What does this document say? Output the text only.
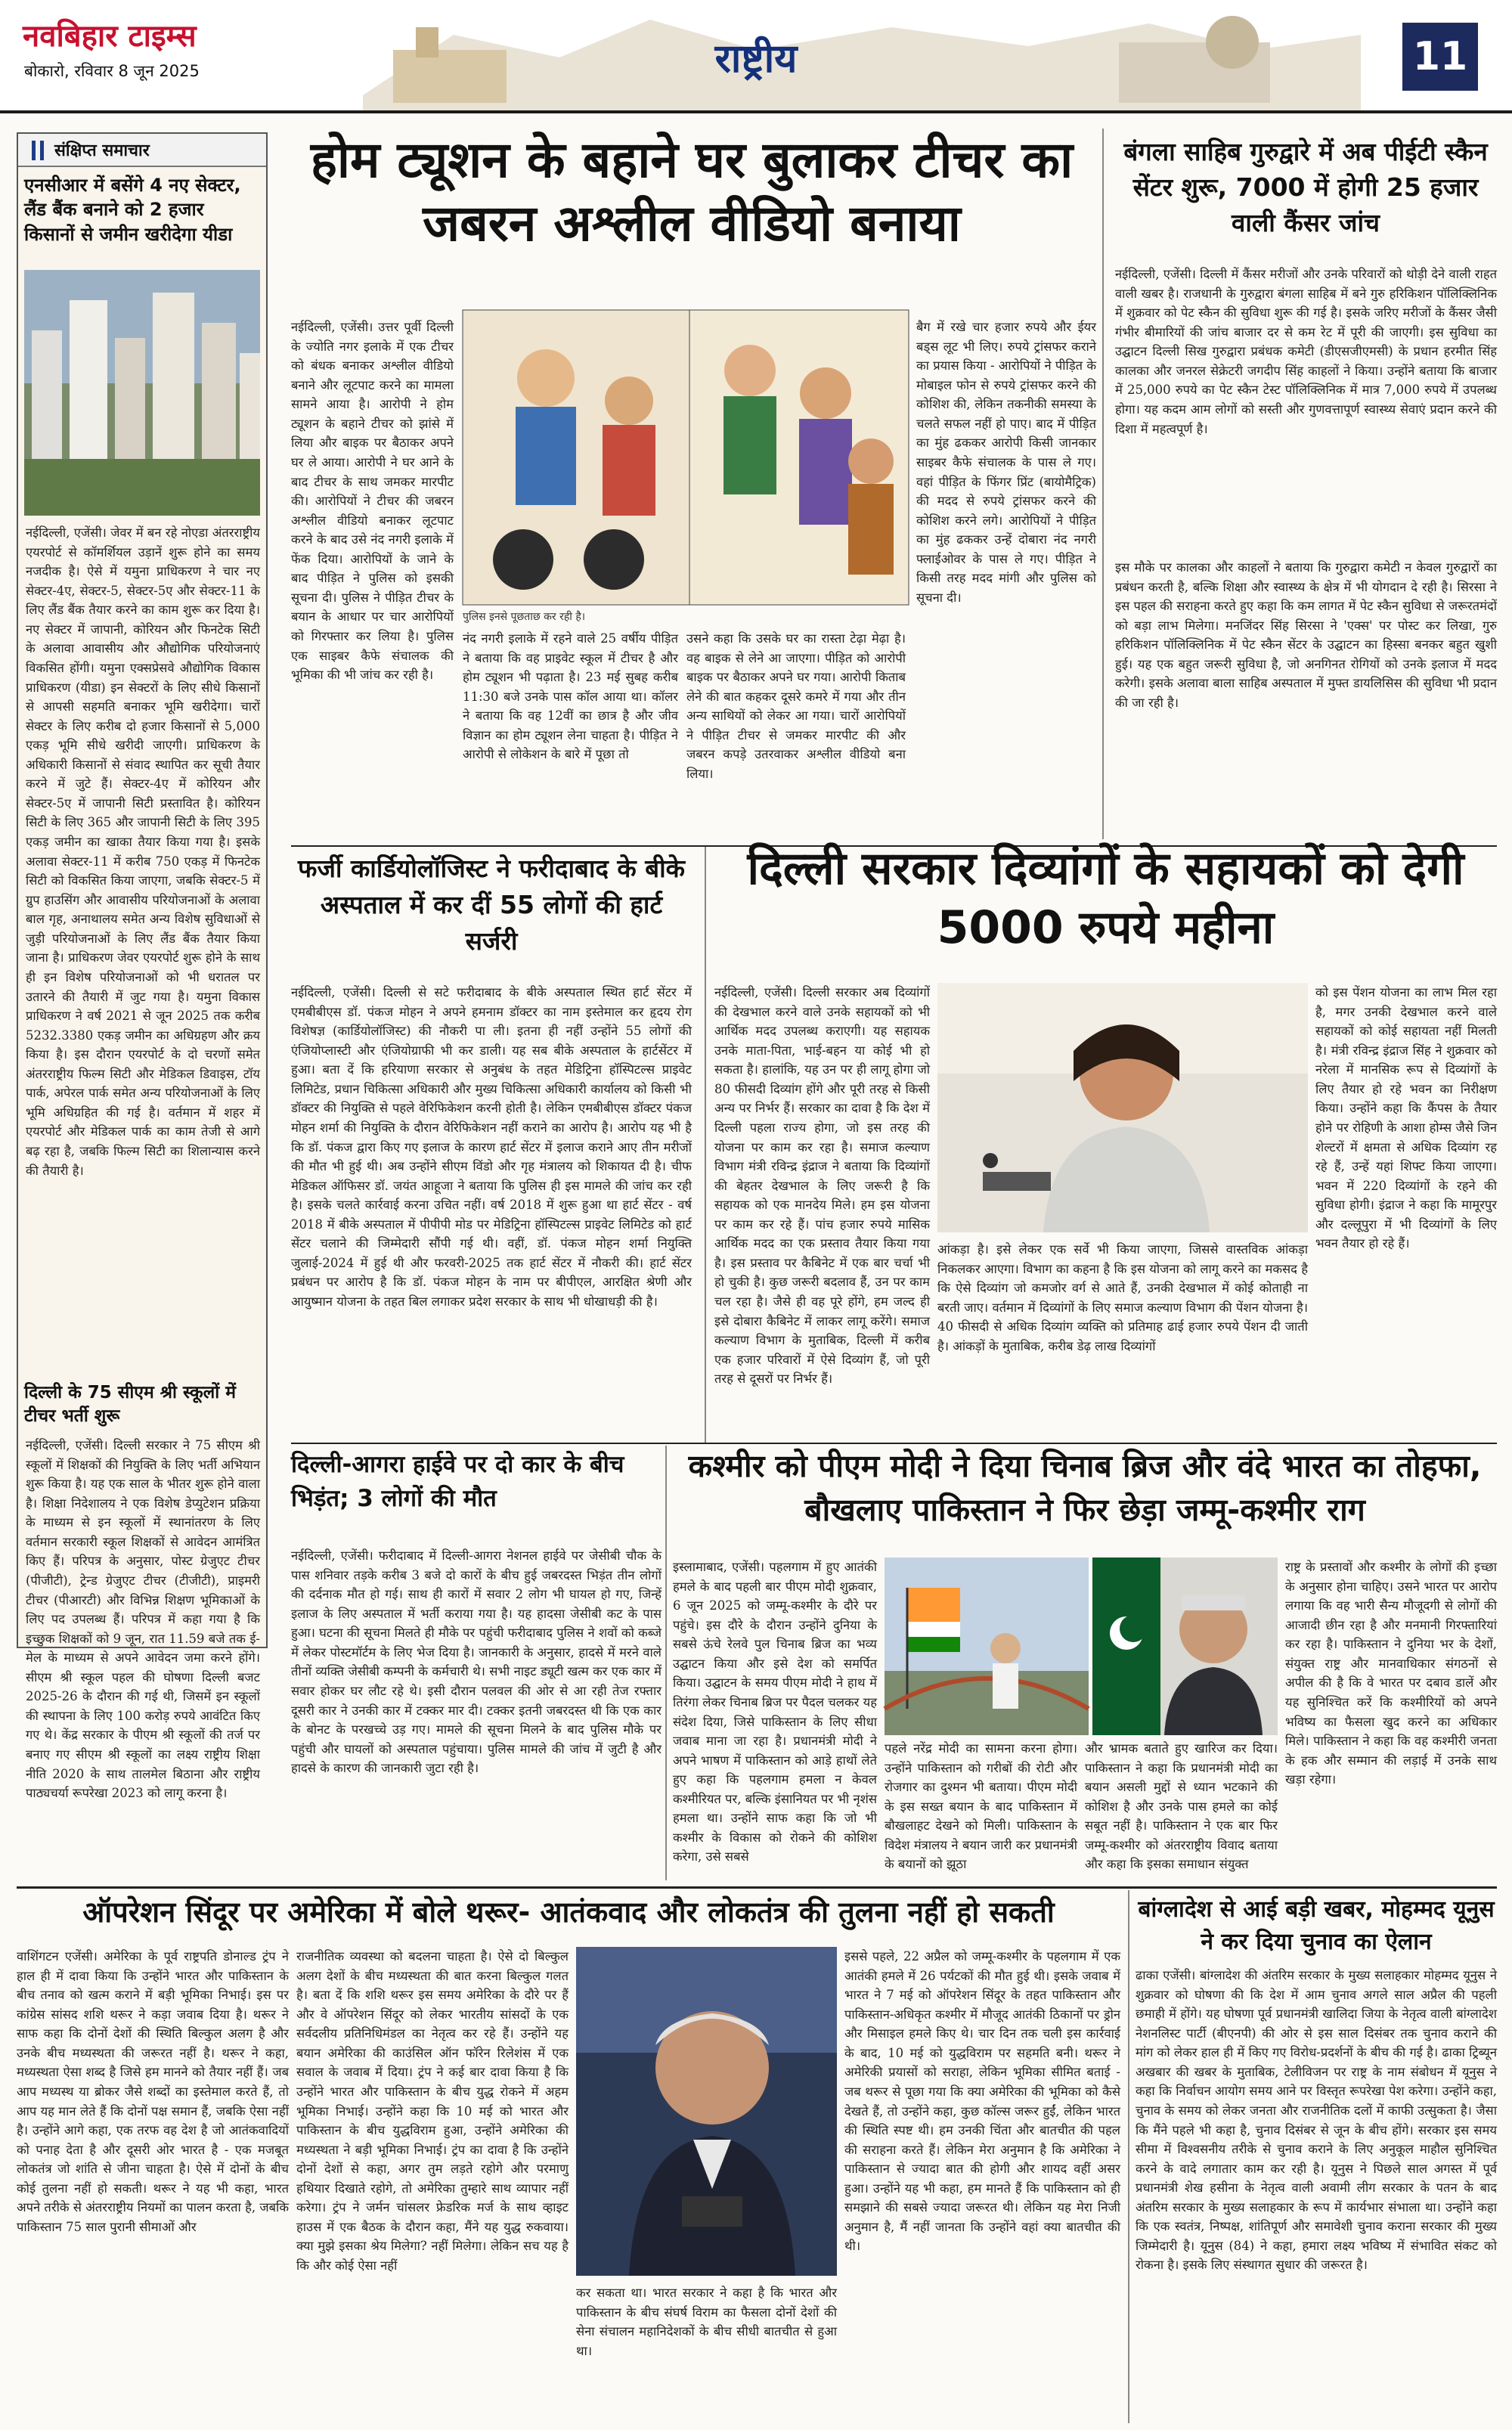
नवबिहार टाइम्स
बोकारो, रविवार 8 जून 2025	राष्ट्रीय	11
संक्षिप्त समाचार
एनसीआर में बसेंगे 4 नए सेक्टर, लैंड बैंक बनाने को 2 हजार किसानों से जमीन खरीदेगा यीडा
नईदिल्ली, एजेंसी। जेवर में बन रहे नोएडा अंतरराष्ट्रीय एयरपोर्ट से कॉमर्शियल उड़ानें शुरू होने का समय नजदीक है। ऐसे में यमुना प्राधिकरण ने चार नए सेक्टर-4ए, सेक्टर-5, सेक्टर-5ए और सेक्टर-11 के लिए लैंड बैंक तैयार करने का काम शुरू कर दिया है। नए सेक्टर में जापानी, कोरियन और फिनटेक सिटी के अलावा आवासीय और औद्योगिक परियोजनाएं विकसित होंगी। यमुना एक्सप्रेसवे औद्योगिक विकास प्राधिकरण (यीडा) इन सेक्टरों के लिए सीधे किसानों से आपसी सहमति बनाकर भूमि खरीदेगा। चारों सेक्टर के लिए करीब दो हजार किसानों से 5,000 एकड़ भूमि सीधे खरीदी जाएगी। प्राधिकरण के अधिकारी किसानों से संवाद स्थापित कर सूची तैयार करने में जुटे हैं। सेक्टर-4ए में कोरियन और सेक्टर-5ए में जापानी सिटी प्रस्तावित है। कोरियन सिटी के लिए 365 और जापानी सिटी के लिए 395 एकड़ जमीन का खाका तैयार किया गया है। इसके अलावा सेक्टर-11 में करीब 750 एकड़ में फिनटेक सिटी को विकसित किया जाएगा, जबकि सेक्टर-5 में ग्रुप हाउसिंग और आवासीय परियोजनाओं के अलावा बाल गृह, अनाथालय समेत अन्य विशेष सुविधाओं से जुड़ी परियोजनाओं के लिए लैंड बैंक तैयार किया जाना है। प्राधिकरण जेवर एयरपोर्ट शुरू होने के साथ ही इन विशेष परियोजनाओं को भी धरातल पर उतारने की तैयारी में जुट गया है। यमुना विकास प्राधिकरण ने वर्ष 2021 से जून 2025 तक करीब 5232.3380 एकड़ जमीन का अधिग्रहण और क्रय किया है। इस दौरान एयरपोर्ट के दो चरणों समेत अंतरराष्ट्रीय फिल्म सिटी और मेडिकल डिवाइस, टॉय पार्क, अपेरल पार्क समेत अन्य परियोजनाओं के लिए भूमि अधिग्रहित की गई है। वर्तमान में शहर में एयरपोर्ट और मेडिकल पार्क का काम तेजी से आगे बढ़ रहा है, जबकि फिल्म सिटी का शिलान्यास करने की तैयारी है।
दिल्ली के 75 सीएम श्री स्कूलों में टीचर भर्ती शुरू
नईदिल्ली, एजेंसी। दिल्ली सरकार ने 75 सीएम श्री स्कूलों में शिक्षकों की नियुक्ति के लिए भर्ती अभियान शुरू किया है। यह एक साल के भीतर शुरू होने वाला है। शिक्षा निदेशालय ने एक विशेष डेप्युटेशन प्रक्रिया के माध्यम से इन स्कूलों में स्थानांतरण के लिए वर्तमान सरकारी स्कूल शिक्षकों से आवेदन आमंत्रित किए हैं। परिपत्र के अनुसार, पोस्ट ग्रेजुएट टीचर (पीजीटी), ट्रेन्ड ग्रेजुएट टीचर (टीजीटी), प्राइमरी टीचर (पीआरटी) और विभिन्न शिक्षण भूमिकाओं के लिए पद उपलब्ध हैं। परिपत्र में कहा गया है कि इच्छुक शिक्षकों को 9 जून, रात 11.59 बजे तक ई-मेल के माध्यम से अपने आवेदन जमा करने होंगे। सीएम श्री स्कूल पहल की घोषणा दिल्ली बजट 2025-26 के दौरान की गई थी, जिसमें इन स्कूलों की स्थापना के लिए 100 करोड़ रुपये आवंटित किए गए थे। केंद्र सरकार के पीएम श्री स्कूलों की तर्ज पर बनाए गए सीएम श्री स्कूलों का लक्ष्य राष्ट्रीय शिक्षा नीति 2020 के साथ तालमेल बिठाना और राष्ट्रीय पाठ्यचर्या रूपरेखा 2023 को लागू करना है।
होम ट्यूशन के बहाने घर बुलाकर टीचर का जबरन अश्लील वीडियो बनाया
नईदिल्ली, एजेंसी। उत्तर पूर्वी दिल्ली के ज्योति नगर इलाके में एक टीचर को बंधक बनाकर अश्लील वीडियो बनाने और लूटपाट करने का मामला सामने आया है। आरोपी ने होम ट्यूशन के बहाने टीचर को झांसे में लिया और बाइक पर बैठाकर अपने घर ले आया। आरोपी ने घर आने के बाद टीचर के साथ जमकर मारपीट की। आरोपियों ने टीचर की जबरन अश्लील वीडियो बनाकर लूटपाट करने के बाद उसे नंद नगरी इलाके में फेंक दिया। आरोपियों के जाने के बाद पीड़ित ने पुलिस को इसकी सूचना दी। पुलिस ने पीड़ित टीचर के बयान के आधार पर चार आरोपियों को गिरफ्तार कर लिया है। पुलिस एक साइबर कैफे संचालक की भूमिका की भी जांच कर रही है।
पुलिस इनसे पूछताछ कर रही है।
नंद नगरी इलाके में रहने वाले 25 वर्षीय पीड़ित ने बताया कि वह प्राइवेट स्कूल में टीचर है और होम ट्यूशन भी पढ़ाता है। 23 मई सुबह करीब 11:30 बजे उनके पास कॉल आया था। कॉलर ने बताया कि वह 12वीं का छात्र है और जीव विज्ञान का होम ट्यूशन लेना चाहता है। पीड़ित ने आरोपी से लोकेशन के बारे में पूछा तो
उसने कहा कि उसके घर का रास्ता टेढ़ा मेढ़ा है। वह बाइक से लेने आ जाएगा। पीड़ित को आरोपी बाइक पर बैठाकर अपने घर गया। आरोपी किताब लेने की बात कहकर दूसरे कमरे में गया और तीन अन्य साथियों को लेकर आ गया। चारों आरोपियों ने पीड़ित टीचर से जमकर मारपीट की और जबरन कपड़े उतरवाकर अश्लील वीडियो बना लिया।
बैग में रखे चार हजार रुपये और ईयर बड्स लूट भी लिए। रुपये ट्रांसफर कराने का प्रयास किया - आरोपियों ने पीड़ित के मोबाइल फोन से रुपये ट्रांसफर करने की कोशिश की, लेकिन तकनीकी समस्या के चलते सफल नहीं हो पाए। बाद में पीड़ित का मुंह ढककर आरोपी किसी जानकार साइबर कैफे संचालक के पास ले गए। वहां पीड़ित के फिंगर प्रिंट (बायोमैट्रिक) की मदद से रुपये ट्रांसफर करने की कोशिश करने लगे। आरोपियों ने पीड़ित का मुंह ढककर उन्हें दोबारा नंद नगरी फ्लाईओवर के पास ले गए। पीड़ित ने किसी तरह मदद मांगी और पुलिस को सूचना दी।
बंगला साहिब गुरुद्वारे में अब पीईटी स्कैन सेंटर शुरू, 7000 में होगी 25 हजार वाली कैंसर जांच
नईदिल्ली, एजेंसी। दिल्ली में कैंसर मरीजों और उनके परिवारों को थोड़ी देने वाली राहत वाली खबर है। राजधानी के गुरुद्वारा बंगला साहिब में बने गुरु हरिकिशन पॉलिक्लिनिक में शुक्रवार को पेट स्कैन की सुविधा शुरू की गई है। इसके जरिए मरीजों के कैंसर जैसी गंभीर बीमारियों की जांच बाजार दर से कम रेट में पूरी की जाएगी। इस सुविधा का उद्घाटन दिल्ली सिख गुरुद्वारा प्रबंधक कमेटी (डीएसजीएमसी) के प्रधान हरमीत सिंह कालका और जनरल सेक्रेटरी जगदीप सिंह काहलों ने किया। उन्होंने बताया कि बाजार में 25,000 रुपये का पेट स्कैन टेस्ट पॉलिक्लिनिक में मात्र 7,000 रुपये में उपलब्ध होगा। यह कदम आम लोगों को सस्ती और गुणवत्तापूर्ण स्वास्थ्य सेवाएं प्रदान करने की दिशा में महत्वपूर्ण है।
इस मौके पर कालका और काहलों ने बताया कि गुरुद्वारा कमेटी न केवल गुरुद्वारों का प्रबंधन करती है, बल्कि शिक्षा और स्वास्थ्य के क्षेत्र में भी योगदान दे रही है। सिरसा ने इस पहल की सराहना करते हुए कहा कि कम लागत में पेट स्कैन सुविधा से जरूरतमंदों को बड़ा लाभ मिलेगा। मनजिंदर सिंह सिरसा ने 'एक्स' पर पोस्ट कर लिखा, गुरु हरिकिशन पॉलिक्लिनिक में पेट स्कैन सेंटर के उद्घाटन का हिस्सा बनकर बहुत खुशी हुई। यह एक बहुत जरूरी सुविधा है, जो अनगिनत रोगियों को उनके इलाज में मदद करेगी। इसके अलावा बाला साहिब अस्पताल में मुफ्त डायलिसिस की सुविधा भी प्रदान की जा रही है।
फर्जी कार्डियोलॉजिस्ट ने फरीदाबाद के बीके अस्पताल में कर दीं 55 लोगों की हार्ट सर्जरी
नईदिल्ली, एजेंसी। दिल्ली से सटे फरीदाबाद के बीके अस्पताल स्थित हार्ट सेंटर में एमबीबीएस डॉ. पंकज मोहन ने अपने हमनाम डॉक्टर का नाम इस्तेमाल कर हृदय रोग विशेषज्ञ (कार्डियोलॉजिस्ट) की नौकरी पा ली। इतना ही नहीं उन्होंने 55 लोगों की एंजियोप्लास्टी और एंजियोग्राफी भी कर डाली। यह सब बीके अस्पताल के हार्टसेंटर में हुआ। बता दें कि हरियाणा सरकार से अनुबंध के तहत मेडिट्रिना हॉस्पिटल्स प्राइवेट लिमिटेड, प्रधान चिकित्सा अधिकारी और मुख्य चिकित्सा अधिकारी कार्यालय को किसी भी डॉक्टर की नियुक्ति से पहले वेरिफिकेशन करनी होती है। लेकिन एमबीबीएस डॉक्टर पंकज मोहन शर्मा की नियुक्ति के दौरान वेरिफिकेशन नहीं कराने का आरोप है। आरोप यह भी है कि डॉ. पंकज द्वारा किए गए इलाज के कारण हार्ट सेंटर में इलाज कराने आए तीन मरीजों की मौत भी हुई थी। अब उन्होंने सीएम विंडो और गृह मंत्रालय को शिकायत दी है। चीफ मेडिकल ऑफिसर डॉ. जयंत आहूजा ने बताया कि पुलिस ही इस मामले की जांच कर रही है। इसके चलते कार्रवाई करना उचित नहीं। वर्ष 2018 में शुरू हुआ था हार्ट सेंटर - वर्ष 2018 में बीके अस्पताल में पीपीपी मोड पर मेडिट्रिना हॉस्पिटल्स प्राइवेट लिमिटेड को हार्ट सेंटर चलाने की जिम्मेदारी सौंपी गई थी। वहीं, डॉ. पंकज मोहन शर्मा नियुक्ति जुलाई-2024 में हुई थी और फरवरी-2025 तक हार्ट सेंटर में नौकरी की। हार्ट सेंटर प्रबंधन पर आरोप है कि डॉ. पंकज मोहन के नाम पर बीपीएल, आरक्षित श्रेणी और आयुष्मान योजना के तहत बिल लगाकर प्रदेश सरकार के साथ भी धोखाधड़ी की है।
दिल्ली सरकार दिव्यांगों के सहायकों को देगी 5000 रुपये महीना
नईदिल्ली, एजेंसी। दिल्ली सरकार अब दिव्यांगों की देखभाल करने वाले उनके सहायकों को भी आर्थिक मदद उपलब्ध कराएगी। यह सहायक उनके माता-पिता, भाई-बहन या कोई भी हो सकता है। हालांकि, यह उन पर ही लागू होगा जो 80 फीसदी दिव्यांग होंगे और पूरी तरह से किसी अन्य पर निर्भर हैं। सरकार का दावा है कि देश में दिल्ली पहला राज्य होगा, जो इस तरह की योजना पर काम कर रहा है। समाज कल्याण विभाग मंत्री रविन्द्र इंद्राज ने बताया कि दिव्यांगों की बेहतर देखभाल के लिए जरूरी है कि सहायक को एक मानदेय मिले। हम इस योजना पर काम कर रहे हैं। पांच हजार रुपये मासिक आर्थिक मदद का एक प्रस्ताव तैयार किया गया है। इस प्रस्ताव पर कैबिनेट में एक बार चर्चा भी हो चुकी है। कुछ जरूरी बदलाव हैं, उन पर काम चल रहा है। जैसे ही वह पूरे होंगे, हम जल्द ही इसे दोबारा कैबिनेट में लाकर लागू करेंगे। समाज कल्याण विभाग के मुताबिक, दिल्ली में करीब एक हजार परिवारों में ऐसे दिव्यांग हैं, जो पूरी तरह से दूसरों पर निर्भर हैं।
आंकड़ा है। इसे लेकर एक सर्वे भी किया जाएगा, जिससे वास्तविक आंकड़ा निकलकर आएगा। विभाग का कहना है कि इस योजना को लागू करने का मकसद है कि ऐसे दिव्यांग जो कमजोर वर्ग से आते हैं, उनकी देखभाल में कोई कोताही ना बरती जाए। वर्तमान में दिव्यांगों के लिए समाज कल्याण विभाग की पेंशन योजना है। 40 फीसदी से अधिक दिव्यांग व्यक्ति को प्रतिमाह ढाई हजार रुपये पेंशन दी जाती है। आंकड़ों के मुताबिक, करीब डेढ़ लाख दिव्यांगों
को इस पेंशन योजना का लाभ मिल रहा है, मगर उनकी देखभाल करने वाले सहायकों को कोई सहायता नहीं मिलती है। मंत्री रविन्द्र इंद्राज सिंह ने शुक्रवार को नरेला में मानसिक रूप से दिव्यांगों के लिए तैयार हो रहे भवन का निरीक्षण किया। उन्होंने कहा कि कैंपस के तैयार होने पर रोहिणी के आशा होम्स जैसे जिन शेल्टरों में क्षमता से अधिक दिव्यांग रह रहे हैं, उन्हें यहां शिफ्ट किया जाएगा। भवन में 220 दिव्यांगों के रहने की सुविधा होगी। इंद्राज ने कहा कि मामूरपुर और दल्लूपुरा में भी दिव्यांगों के लिए भवन तैयार हो रहे हैं।
दिल्ली-आगरा हाईवे पर दो कार के बीच भिड़ंत; 3 लोगों की मौत
नईदिल्ली, एजेंसी। फरीदाबाद में दिल्ली-आगरा नेशनल हाईवे पर जेसीबी चौक के पास शनिवार तड़के करीब 3 बजे दो कारों के बीच हुई जबरदस्त भिड़ंत तीन लोगों की दर्दनाक मौत हो गई। साथ ही कारों में सवार 2 लोग भी घायल हो गए, जिन्हें इलाज के लिए अस्पताल में भर्ती कराया गया है। यह हादसा जेसीबी कट के पास हुआ। घटना की सूचना मिलते ही मौके पर पहुंची फरीदाबाद पुलिस ने शवों को कब्जे में लेकर पोस्टमॉर्टम के लिए भेज दिया है। जानकारी के अनुसार, हादसे में मरने वाले तीनों व्यक्ति जेसीबी कम्पनी के कर्मचारी थे। सभी नाइट ड्यूटी खत्म कर एक कार में सवार होकर घर लौट रहे थे। इसी दौरान पलवल की ओर से आ रही तेज रफ्तार दूसरी कार ने उनकी कार में टक्कर मार दी। टक्कर इतनी जबरदस्त थी कि एक कार के बोनट के परखच्चे उड़ गए। मामले की सूचना मिलने के बाद पुलिस मौके पर पहुंची और घायलों को अस्पताल पहुंचाया। पुलिस मामले की जांच में जुटी है और हादसे के कारण की जानकारी जुटा रही है।
कश्मीर को पीएम मोदी ने दिया चिनाब ब्रिज और वंदे भारत का तोहफा, बौखलाए पाकिस्तान ने फिर छेड़ा जम्मू-कश्मीर राग
इस्लामाबाद, एजेंसी। पहलगाम में हुए आतंकी हमले के बाद पहली बार पीएम मोदी शुक्रवार, 6 जून 2025 को जम्मू-कश्मीर के दौरे पर पहुंचे। इस दौरे के दौरान उन्होंने दुनिया के सबसे ऊंचे रेलवे पुल चिनाब ब्रिज का भव्य उद्घाटन किया और इसे देश को समर्पित किया। उद्घाटन के समय पीएम मोदी ने हाथ में तिरंगा लेकर चिनाब ब्रिज पर पैदल चलकर यह संदेश दिया, जिसे पाकिस्तान के लिए सीधा जवाब माना जा रहा है। प्रधानमंत्री मोदी ने अपने भाषण में पाकिस्तान को आड़े हाथों लेते हुए कहा कि पहलगाम हमला न केवल कश्मीरियत पर, बल्कि इंसानियत पर भी नृशंस हमला था। उन्होंने साफ कहा कि जो भी कश्मीर के विकास को रोकने की कोशिश करेगा, उसे सबसे
पहले नरेंद्र मोदी का सामना करना होगा। उन्होंने पाकिस्तान को गरीबों की रोटी और रोजगार का दुश्मन भी बताया। पीएम मोदी के इस सख्त बयान के बाद पाकिस्तान में बौखलाहट देखने को मिली। पाकिस्तान के विदेश मंत्रालय ने बयान जारी कर प्रधानमंत्री के बयानों को झूठा
और भ्रामक बताते हुए खारिज कर दिया। पाकिस्तान ने कहा कि प्रधानमंत्री मोदी का बयान असली मुद्दों से ध्यान भटकाने की कोशिश है और उनके पास हमले का कोई सबूत नहीं है। पाकिस्तान ने एक बार फिर जम्मू-कश्मीर को अंतरराष्ट्रीय विवाद बताया और कहा कि इसका समाधान संयुक्त
राष्ट्र के प्रस्तावों और कश्मीर के लोगों की इच्छा के अनुसार होना चाहिए। उसने भारत पर आरोप लगाया कि वह भारी सैन्य मौजूदगी से लोगों की आजादी छीन रहा है और मनमानी गिरफ्तारियां कर रहा है। पाकिस्तान ने दुनिया भर के देशों, संयुक्त राष्ट्र और मानवाधिकार संगठनों से अपील की है कि वे भारत पर दबाव डालें और यह सुनिश्चित करें कि कश्मीरियों को अपने भविष्य का फैसला खुद करने का अधिकार मिले। पाकिस्तान ने कहा कि वह कश्मीरी जनता के हक और सम्मान की लड़ाई में उनके साथ खड़ा रहेगा।
ऑपरेशन सिंदूर पर अमेरिका में बोले थरूर- आतंकवाद और लोकतंत्र की तुलना नहीं हो सकती
वाशिंगटन एजेंसी। अमेरिका के पूर्व राष्ट्रपति डोनाल्ड ट्रंप ने हाल ही में दावा किया कि उन्होंने भारत और पाकिस्तान के बीच तनाव को खत्म कराने में बड़ी भूमिका निभाई। इस पर कांग्रेस सांसद शशि थरूर ने कड़ा जवाब दिया है। थरूर ने साफ कहा कि दोनों देशों की स्थिति बिल्कुल अलग है और उनके बीच मध्यस्थता की जरूरत नहीं है। थरूर ने कहा, मध्यस्थता ऐसा शब्द है जिसे हम मानने को तैयार नहीं हैं। जब आप मध्यस्थ या ब्रोकर जैसे शब्दों का इस्तेमाल करते हैं, तो आप यह मान लेते हैं कि दोनों पक्ष समान हैं, जबकि ऐसा नहीं है। उन्होंने आगे कहा, एक तरफ वह देश है जो आतंकवादियों को पनाह देता है और दूसरी ओर भारत है - एक मजबूत लोकतंत्र जो शांति से जीना चाहता है। ऐसे में दोनों के बीच कोई तुलना नहीं हो सकती। थरूर ने यह भी कहा, भारत अपने तरीके से अंतरराष्ट्रीय नियमों का पालन करता है, जबकि पाकिस्तान 75 साल पुरानी सीमाओं और
राजनीतिक व्यवस्था को बदलना चाहता है। ऐसे दो बिल्कुल अलग देशों के बीच मध्यस्थता की बात करना बिल्कुल गलत है। बता दें कि शशि थरूर इस समय अमेरिका के दौरे पर हैं और वे ऑपरेशन सिंदूर को लेकर भारतीय सांसदों के एक सर्वदलीय प्रतिनिधिमंडल का नेतृत्व कर रहे हैं। उन्होंने यह बयान अमेरिका की काउंसिल ऑन फॉरेन रिलेशंस में एक सवाल के जवाब में दिया। ट्रंप ने कई बार दावा किया है कि उन्होंने भारत और पाकिस्तान के बीच युद्ध रोकने में अहम भूमिका निभाई। उन्होंने कहा कि 10 मई को भारत और पाकिस्तान के बीच युद्धविराम हुआ, उन्होंने अमेरिका की मध्यस्थता ने बड़ी भूमिका निभाई। ट्रंप का दावा है कि उन्होंने दोनों देशों से कहा, अगर तुम लड़ते रहोगे और परमाणु हथियार दिखाते रहोगे, तो अमेरिका तुम्हारे साथ व्यापार नहीं करेगा। ट्रंप ने जर्मन चांसलर फ्रेडरिक मर्ज के साथ व्हाइट हाउस में एक बैठक के दौरान कहा, मैंने यह युद्ध रुकवाया। क्या मुझे इसका श्रेय मिलेगा? नहीं मिलेगा। लेकिन सच यह है कि और कोई ऐसा नहीं
कर सकता था। भारत सरकार ने कहा है कि भारत और पाकिस्तान के बीच संघर्ष विराम का फैसला दोनों देशों की सेना संचालन महानिदेशकों के बीच सीधी बातचीत से हुआ था।
इससे पहले, 22 अप्रैल को जम्मू-कश्मीर के पहलगाम में एक आतंकी हमले में 26 पर्यटकों की मौत हुई थी। इसके जवाब में भारत ने 7 मई को ऑपरेशन सिंदूर के तहत पाकिस्तान और पाकिस्तान-अधिकृत कश्मीर में मौजूद आतंकी ठिकानों पर ड्रोन और मिसाइल हमले किए थे। चार दिन तक चली इस कार्रवाई के बाद, 10 मई को युद्धविराम पर सहमति बनी। थरूर ने अमेरिकी प्रयासों को सराहा, लेकिन भूमिका सीमित बताई - जब थरूर से पूछा गया कि क्या अमेरिका की भूमिका को कैसे देखते हैं, तो उन्होंने कहा, कुछ कॉल्स जरूर हुईं, लेकिन भारत की स्थिति स्पष्ट थी। हम उनकी चिंता और बातचीत की पहल की सराहना करते हैं। लेकिन मेरा अनुमान है कि अमेरिका ने पाकिस्तान से ज्यादा बात की होगी और शायद वहीं असर हुआ। उन्होंने यह भी कहा, हम मानते हैं कि पाकिस्तान को ही समझाने की सबसे ज्यादा जरूरत थी। लेकिन यह मेरा निजी अनुमान है, मैं नहीं जानता कि उन्होंने वहां क्या बातचीत की थी।
बांग्लादेश से आई बड़ी खबर, मोहम्मद यूनुस ने कर दिया चुनाव का ऐलान
ढाका एजेंसी। बांग्लादेश की अंतरिम सरकार के मुख्य सलाहकार मोहम्मद यूनुस ने शुक्रवार को घोषणा की कि देश में आम चुनाव अगले साल अप्रैल की पहली छमाही में होंगे। यह घोषणा पूर्व प्रधानमंत्री खालिदा जिया के नेतृत्व वाली बांग्लादेश नेशनलिस्ट पार्टी (बीएनपी) की ओर से इस साल दिसंबर तक चुनाव कराने की मांग को लेकर हाल ही में किए गए विरोध-प्रदर्शनों के बीच की गई है। ढाका ट्रिब्यून अखबार की खबर के मुताबिक, टेलीविजन पर राष्ट्र के नाम संबोधन में यूनुस ने कहा कि निर्वाचन आयोग समय आने पर विस्तृत रूपरेखा पेश करेगा। उन्होंने कहा, चुनाव के समय को लेकर जनता और राजनीतिक दलों में काफी उत्सुकता है। जैसा कि मैंने पहले भी कहा है, चुनाव दिसंबर से जून के बीच होंगे। सरकार इस समय सीमा में विश्वसनीय तरीके से चुनाव कराने के लिए अनुकूल माहौल सुनिश्चित करने के वादे लगातार काम कर रही है। यूनुस ने पिछले साल अगस्त में पूर्व प्रधानमंत्री शेख हसीना के नेतृत्व वाली अवामी लीग सरकार के पतन के बाद अंतरिम सरकार के मुख्य सलाहकार के रूप में कार्यभार संभाला था। उन्होंने कहा कि एक स्वतंत्र, निष्पक्ष, शांतिपूर्ण और समावेशी चुनाव कराना सरकार की मुख्य जिम्मेदारी है। यूनुस (84) ने कहा, हमारा लक्ष्य भविष्य में संभावित संकट को रोकना है। इसके लिए संस्थागत सुधार की जरूरत है।
